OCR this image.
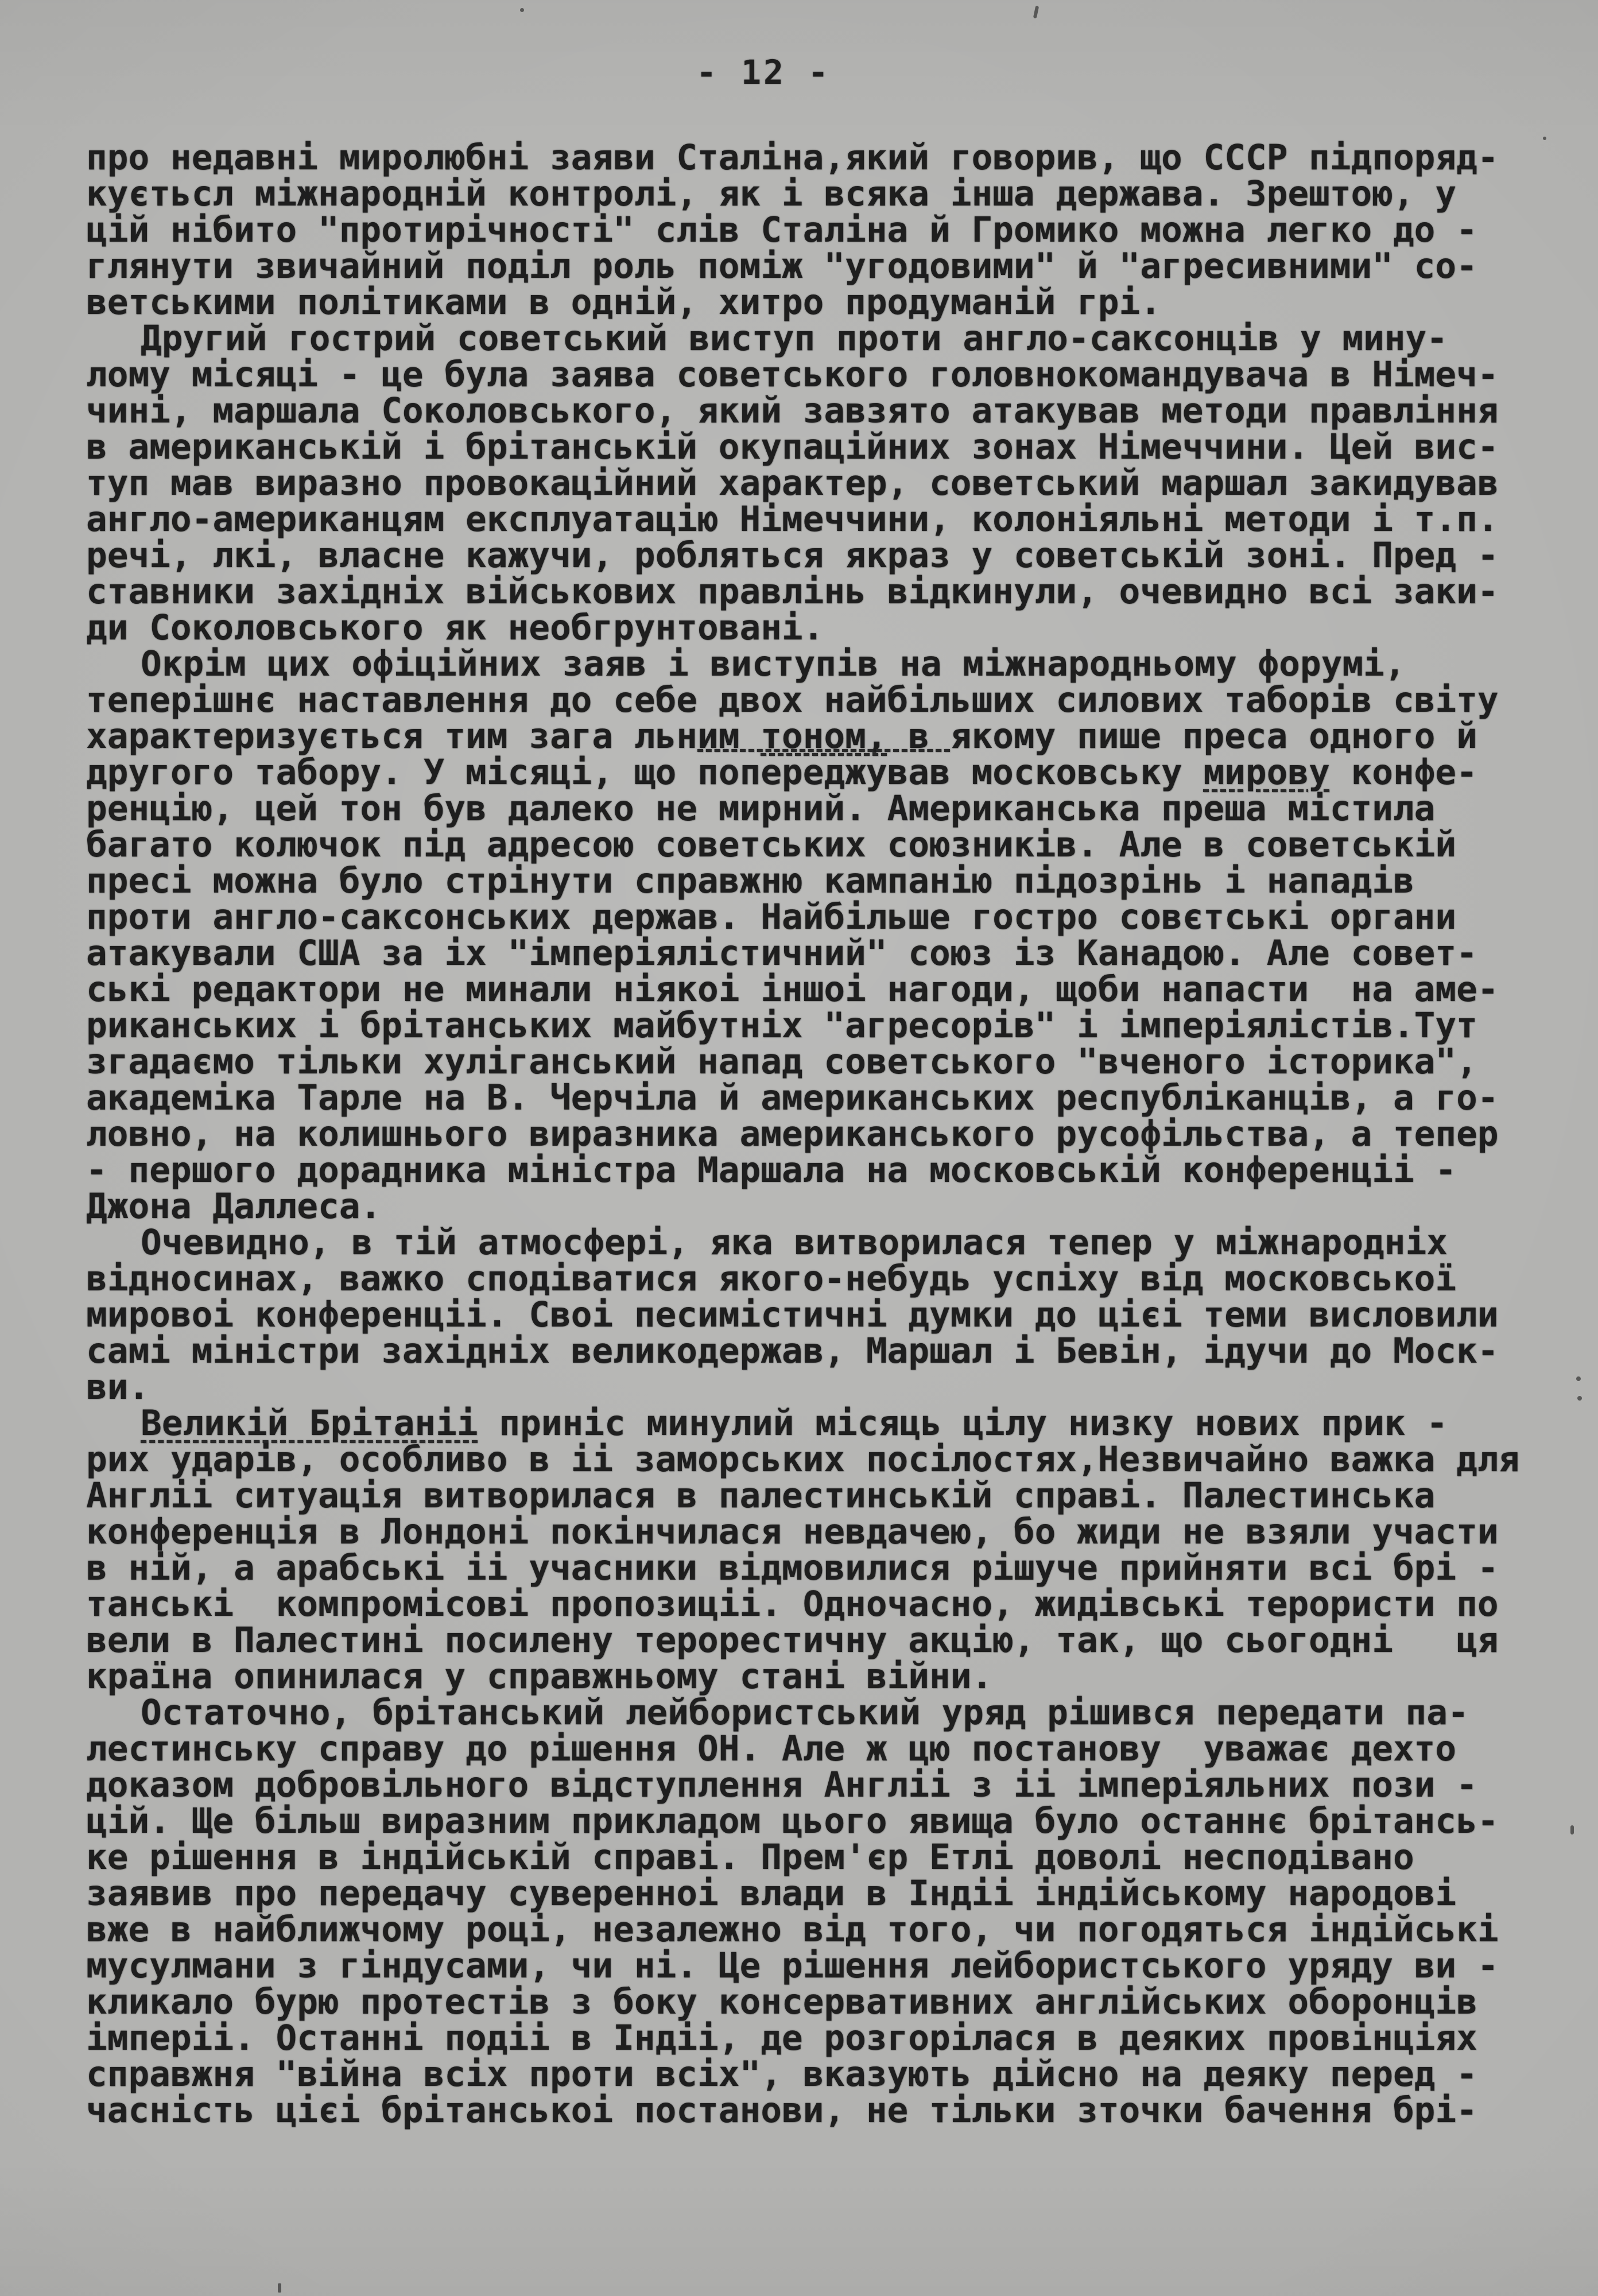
- 12 -
про недавні миролюбні заяви Сталіна,який говорив, що СССР підпоряд-
куєтьсл міжнародній контролі, як і всяка інша держава. Зрештою, у
цій нібито "протирічності" слів Сталіна й Громико можна легко до -
глянути звичайний поділ роль поміж "угодовими" й "агресивними" со-
ветськими політиками в одній, хитро продуманій грі.
Другий гострий советський виступ проти англо-саксонців у мину-
лому місяці - це була заява советського головнокомандувача в Німеч-
чині, маршала Соколовського, який завзято атакував методи правління
в американській і брітанській окупаційних зонах Німеччини. Цей вис-
туп мав виразно провокаційний характер, советський маршал закидував
англо-американцям експлуатацію Німеччини, колоніяльні методи і т.п.
речі, лкі, власне кажучи, робляться якраз у советській зоні. Пред -
ставники західніх військових правлінь відкинули, очевидно всі заки-
ди Соколовського як необгрунтовані.
Окрім цих офіційних заяв і виступів на міжнародньому форумі,
теперішнє наставлення до себе двох найбільших силових таборів світу
характеризується тим зага льним тоном, в якому пише преса одного й
другого табору. У місяці, що попереджував московську мирову конфе-
ренцію, цей тон був далеко не мирний. Американська преша містила
багато колючок під адресою советських союзників. Але в советській
пресі можна було стрінути справжню кампанію підозрінь і нападів
проти англо-саксонських держав. Найбільше гостро совєтські органи
атакували США за іх "імперіялістичний" союз із Канадою. Але совет-
ські редактори не минали ніякоі іншоі нагоди, щоби напасти  на аме-
риканських і брітанських майбутніх "агресорів" і імперіялістів.Тут
згадаємо тільки хуліганський напад советського "вченого історика",
академіка Тарле на В. Черчіла й американських республіканців, а го-
ловно, на колишнього виразника американського русофільства, а тепер
- першого дорадника міністра Маршала на московській конференціі -
Джона Даллеса.
Очевидно, в тій атмосфері, яка витворилася тепер у міжнародніх
відносинах, важко сподіватися якого-небудь успіху від московської
мировоі конференціі. Своі песимістичні думки до цієі теми висловили
самі міністри західніх великодержав, Маршал і Бевін, ідучи до Моск-
ви.
Великій Брітаніі приніс минулий місяць цілу низку нових прик -
рих ударів, особливо в іі заморських посілостях,Незвичайно важка для
Англіі ситуація витворилася в палестинській справі. Палестинська
конференція в Лондоні покінчилася невдачею, бо жиди не взяли участи
в ній, а арабські іі учасники відмовилися рішуче прийняти всі брі -
танські  компромісові пропозиціі. Одночасно, жидівські терористи по
вели в Палестині посилену терорестичну акцію, так, що сьогодні   ця
країна опинилася у справжньому стані війни.
Остаточно, брітанський лейбористський уряд рішився передати па-
лестинську справу до рішення ОН. Але ж цю постанову  уважає дехто
доказом добровільного відступлення Англіі з іі імперіяльних пози -
цій. Ще більш виразним прикладом цього явища було останнє брітансь-
ке рішення в індійській справі. Прем'єр Етлі доволі несподівано
заявив про передачу суверенноі влади в Індіі індійському народові
вже в найближчому році, незалежно від того, чи погодяться індійські
мусулмани з гіндусами, чи ні. Це рішення лейбористського уряду ви -
кликало бурю протестів з боку консервативних англійських оборонців
імперіі. Останні подіі в Індіі, де розгорілася в деяких провінціях
справжня "війна всіх проти всіх", вказують дійсно на деяку перед -
часність цієі брітанськоі постанови, не тільки зточки бачення брі-
